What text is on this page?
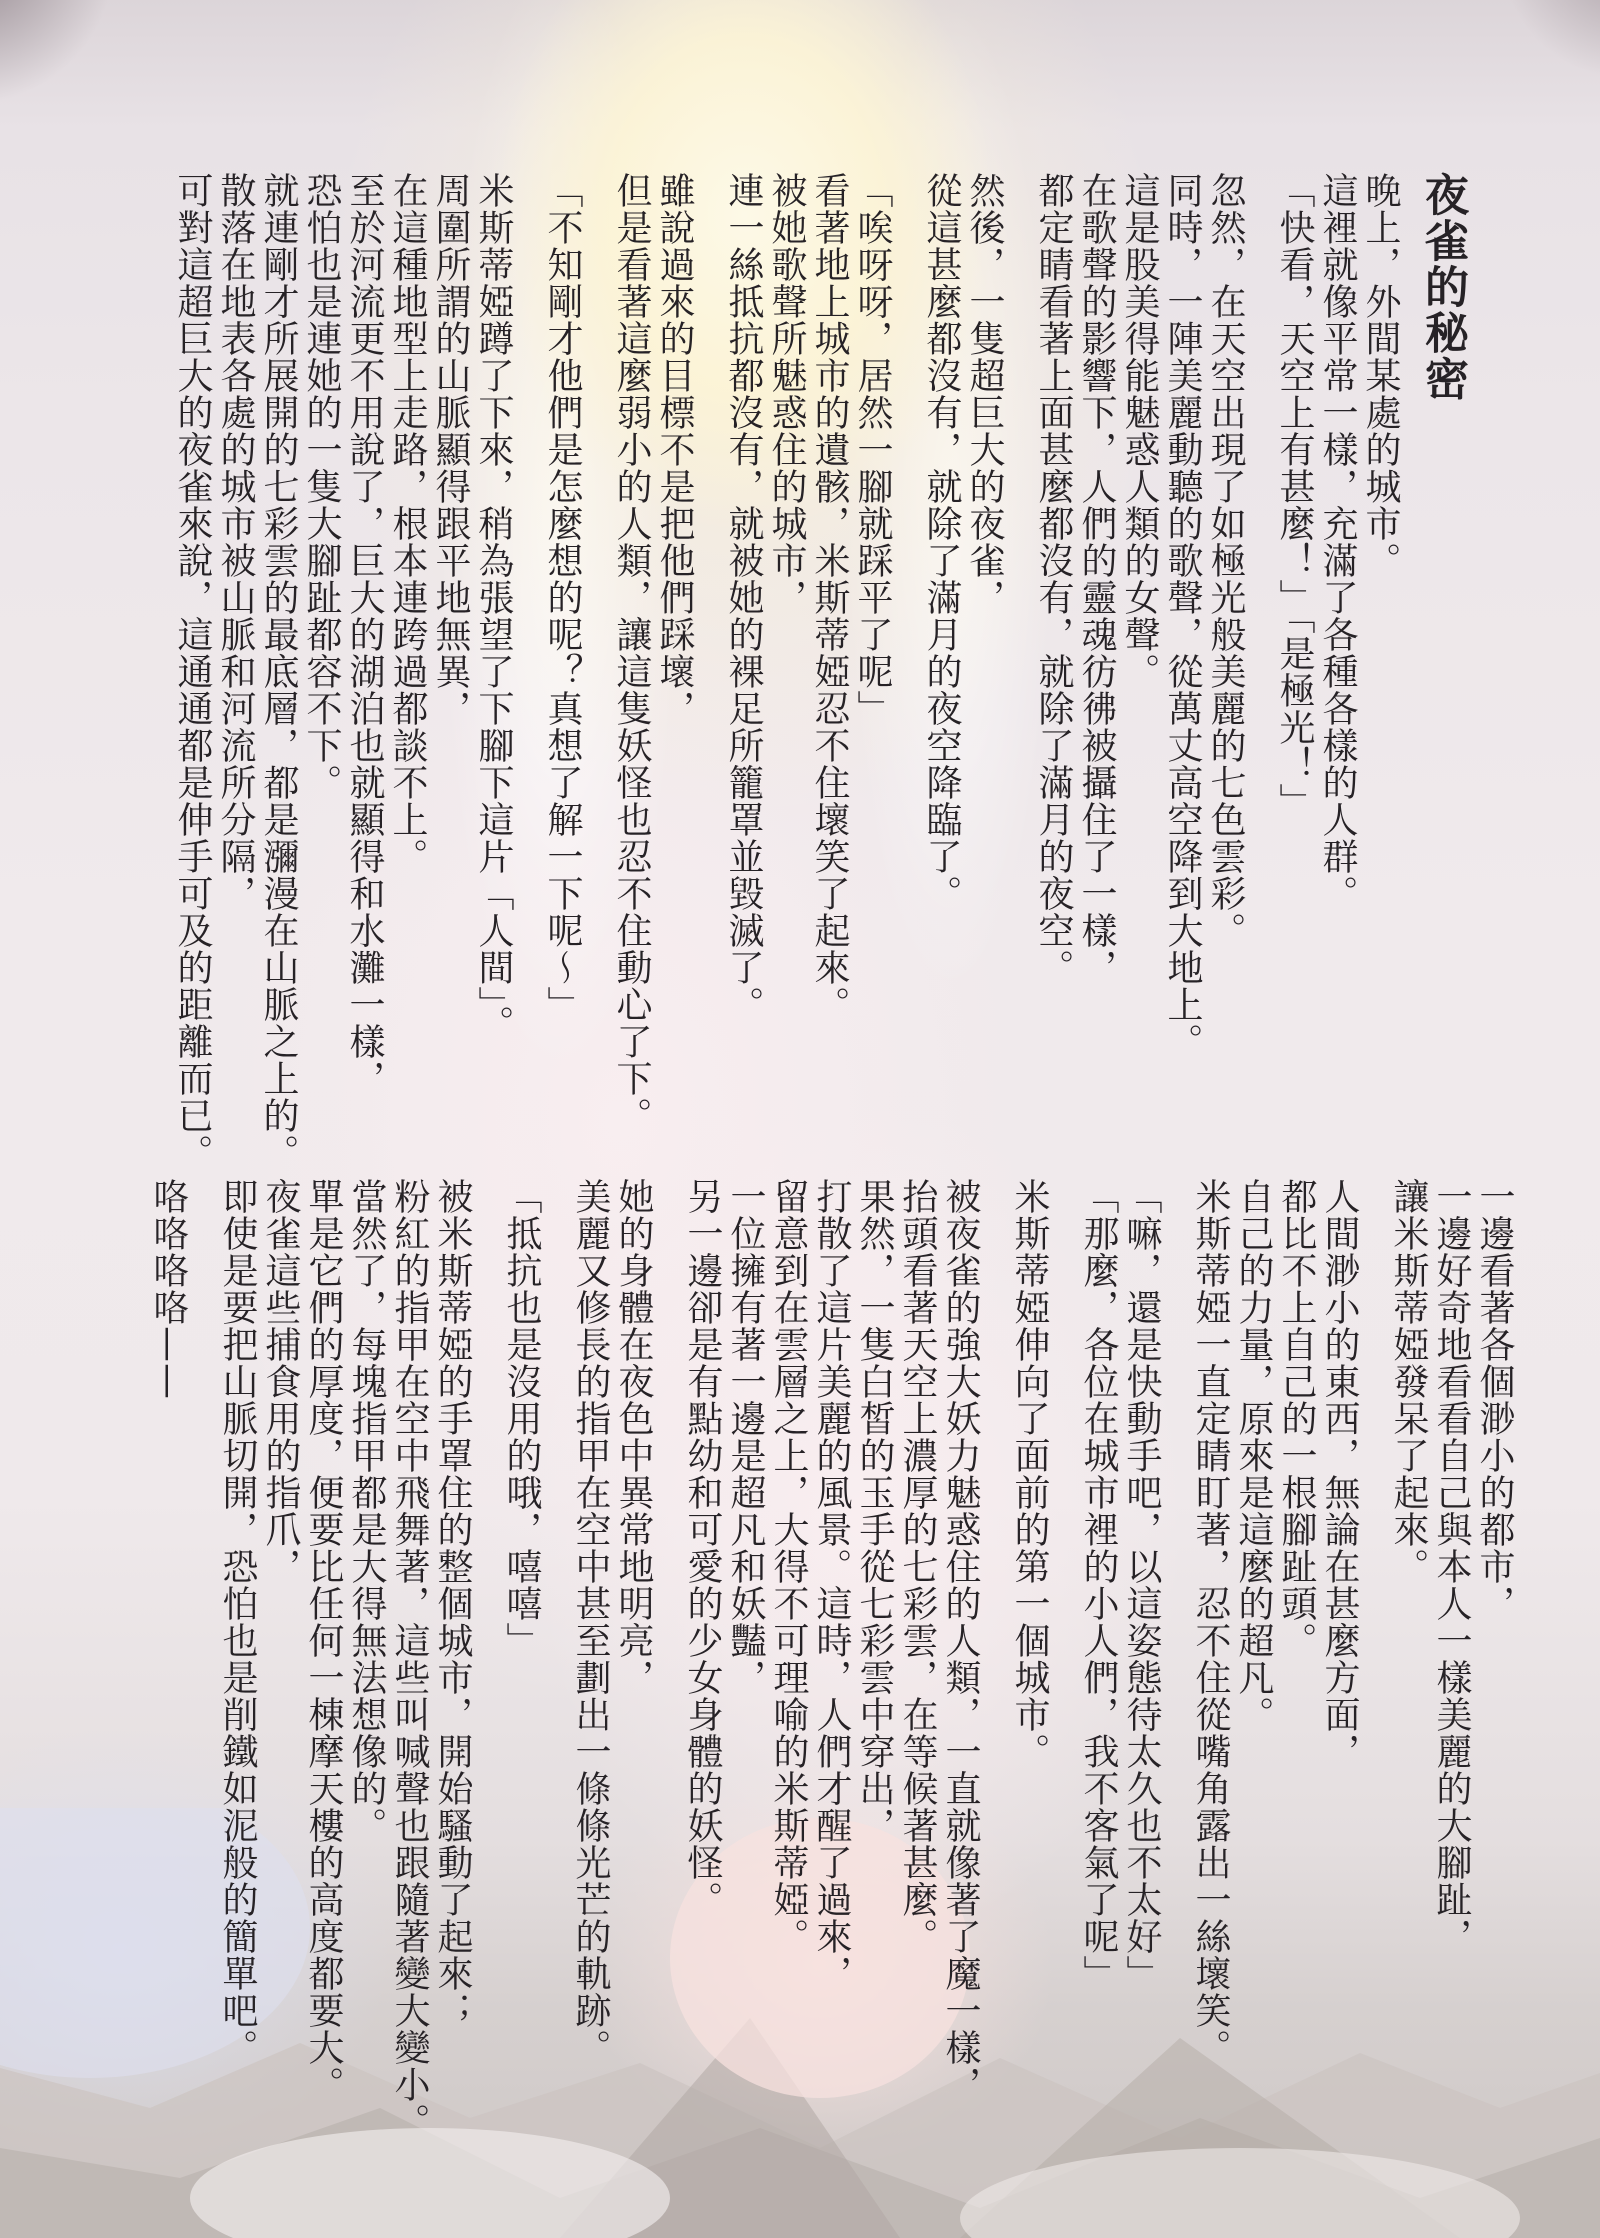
夜雀的秘密

晚上，外間某處的城市。

這裡就像平常一樣，充滿了各種各樣的人群。

「快看，天空上有甚麼！」「是極光！」

忽然，在天空出現了如極光般美麗的七色雲彩。

同時，一陣美麗動聽的歌聲，從萬丈高空降到大地上。

這是股美得能魅惑人類的女聲。

在歌聲的影響下，人們的靈魂彷彿被攝住了一樣，

都定睛看著上面甚麼都沒有，就除了滿月的夜空。

然後，一隻超巨大的夜雀，

從這甚麼都沒有，就除了滿月的夜空降臨了。

「唉呀呀，居然一腳就踩平了呢」

看著地上城市的遺骸，米斯蒂婭忍不住壞笑了起來。

被她歌聲所魅惑住的城市，

連一絲抵抗都沒有，就被她的裸足所籠罩並毀滅了。

雖說過來的目標不是把他們踩壞，

但是看著這麼弱小的人類，讓這隻妖怪也忍不住動心了下。

「不知剛才他們是怎麼想的呢？真想了解一下呢～」

米斯蒂婭蹲了下來，稍為張望了下腳下這片「人間」。

周圍所謂的山脈顯得跟平地無異，

在這種地型上走路，根本連跨過都談不上。

至於河流更不用說了，巨大的湖泊也就顯得和水灘一樣，

恐怕也是連她的一隻大腳趾都容不下。

就連剛才所展開的七彩雲的最底層，都是瀰漫在山脈之上的。

散落在地表各處的城市被山脈和河流所分隔，

可對這超巨大的夜雀來說，這通通都是伸手可及的距離而已。

一邊看著各個渺小的都市，

一邊好奇地看看自己與本人一樣美麗的大腳趾，

讓米斯蒂婭發呆了起來。

人間渺小的東西，無論在甚麼方面，

都比不上自己的一根腳趾頭。

自己的力量，原來是這麼的超凡。

米斯蒂婭一直定睛盯著，忍不住從嘴角露出一絲壞笑。

「嘛，還是快動手吧，以這姿態待太久也不太好」

「那麼，各位在城市裡的小人們，我不客氣了呢」

米斯蒂婭伸向了面前的第一個城市。

被夜雀的強大妖力魅惑住的人類，一直就像著了魔一樣，

抬頭看著天空上濃厚的七彩雲，在等候著甚麼。

果然，一隻白皙的玉手從七彩雲中穿出，

打散了這片美麗的風景。這時，人們才醒了過來，

留意到在雲層之上，大得不可理喻的米斯蒂婭。

一位擁有著一邊是超凡和妖豔，

另一邊卻是有點幼和可愛的少女身體的妖怪。

她的身體在夜色中異常地明亮，

美麗又修長的指甲在空中甚至劃出一條條光芒的軌跡。

「抵抗也是沒用的哦，嘻嘻」

被米斯蒂婭的手罩住的整個城市，開始騷動了起來；

粉紅的指甲在空中飛舞著，這些叫喊聲也跟隨著變大變小。

當然了，每塊指甲都是大得無法想像的。

單是它們的厚度，便要比任何一棟摩天樓的高度都要大。

夜雀這些捕食用的指爪，

即使是要把山脈切開，恐怕也是削鐵如泥般的簡單吧。

咯咯咯咯——
